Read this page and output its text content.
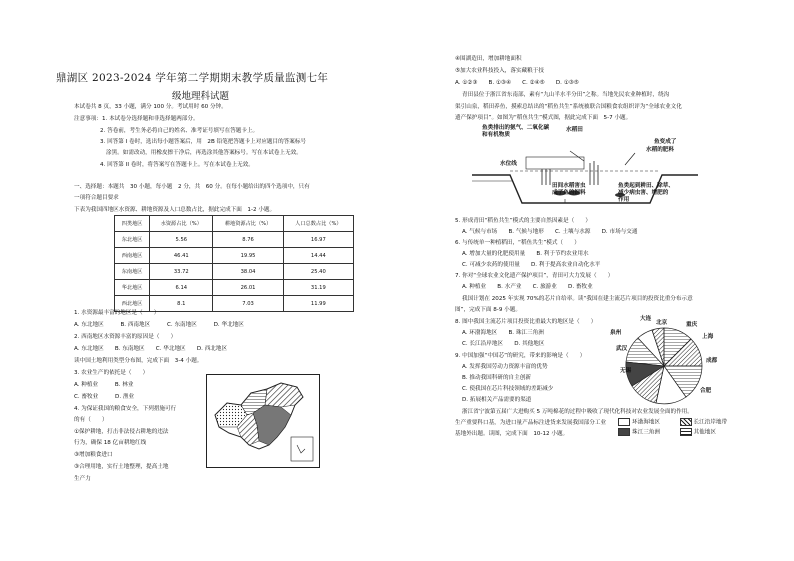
鼎湖区 2023-2024 学年第二学期期末教学质量监测七年
级地理科试题
本试卷共 8 页，33 小题，满分 100 分。考试用时 60 分钟。
注意事项：1. 本试卷分选择题和非选择题两部分。
2. 答卷前，考生务必将自己的姓名、准考证号填写在答题卡上。
3. 回答第 I 卷时，选出每小题答案后，用　2B 铅笔把答题卡上对应题目的答案标号
涂黑。如需改动，用橡皮擦干净后，再选涂其他答案标号。写在本试卷上无效。
4. 回答第 II 卷时，将答案写在答题卡上。写在本试卷上无效。
一、选择题：本题共　30 小题，每小题　2 分，共　60 分。在每小题给出的四个选项中，只有
一项符合题目要求
下表为我国四地区水资源、耕地资源及人口总数占比，据此完成下面　1-2 小题。
四类地区	水资源占比（%）	耕地资源占比（%）	人口总数占比（%）
东北地区	5.56	8.76	16.97
西南地区	46.41	19.95	14.44
东南地区	33.72	38.04	25.40
华北地区	6.14	26.01	31.19
西北地区	8.1	7.03	11.99
1. 水资源最丰富的地区是（　　）
A. 东北地区　　　B. 西南地区　　　C. 东南地区　　　D. 华北地区
2. 西南地区水资源丰富的原因是（　　）
A. 东北地区　　B. 东南地区　　C. 华北地区　　D. 西北地区
读中国土地利用类型分布图，完成下面　3-4 小题。
3. 农业生产的依托是（　　）
A. 种植业　　　B. 林业
C. 畜牧业　　　D. 渔业
4. 为保证我国的粮食安全，下列措施可行
的有（　　）
①保护耕地，打击非法侵占耕地的违法
行为，确保 18 亿亩耕地红线
③增加粮食进口
③合理用地，实行土地整理，提高土地
生产力
④围湖造田，增加耕地面积
⑤加大农业科技投入，落实藏粮于技
A. ①②③　　B. ①③④　　C. ②④⑤　　D. ①③⑤
青田县位于浙江省东南部，素有“九山半水半分田”之称。当地先民农业种植时，绕沟
渠引山泉，稻田养鱼，摸索总结出的“稻鱼共生”系统被联合国粮食农组织评为“全球农业文化
遗产保护项目”。如图为“稻鱼共生”模式图，据此完成下面　5-7 小题。
鱼类排出的氨气、二氧化碳
和有机物质
水稻田
鱼变成了
水稻的肥料
水位线
田间水稻害虫
成了鱼的饲料
鱼类起到耕田、除草、
减少病虫害、增肥的
作用
5. 形成青田“稻鱼共生”模式的主要自然因素是（　　）
A. 气候与市场　　B. 气候与地形　　C. 土壤与水源　　D. 市场与交通
6. 与传统单一种植稻田，“稻鱼共生”模式（　　）
A. 增加大量的化肥使用量　　B. 利于节约农业用水
C. 可减少农药的使用量　　D. 利于提高农业自动化水平
7. 你对“全球农业文化遗产保护项目”，青田可大力发展（　　）
A. 种植业　　B. 水产业　　C. 旅游业　　D. 畜牧业
我国计划在 2025 年实现 70%的芯片自给率。读“我国在建主流芯片项目的投资比重分布示意
图”，完成下面 8-9 小题。
8. 图中我国主流芯片项目投资比重最大的地区是（　　）
A. 环渤海地区　　B. 珠江三角洲
C. 长江沿岸地区　　D. 其他地区
9. 中国加强“中国芯”的研究，带来的影响是（　　）
A. 发挥我国劳动力资源丰富的优势
B. 推动我国科研的自主创新
C. 使我国在芯片科技领域的差距减少
D. 拓展相关产品需要的渠道
浙江省宁波第五届广大进购买 5 万吨棉花的过程中吸收了现代化科技对农业发展全面的作用。
生产重要科口基，为进口量产品标注进货来发展我国部分工业
基地外出题。读图，完成下面　10-12 小题。
大连
北京	重庆
上海
成都
合肥
无锡
武汉
泉州
环渤海地区	长江沿岸地带
珠江三角洲	其他地区
